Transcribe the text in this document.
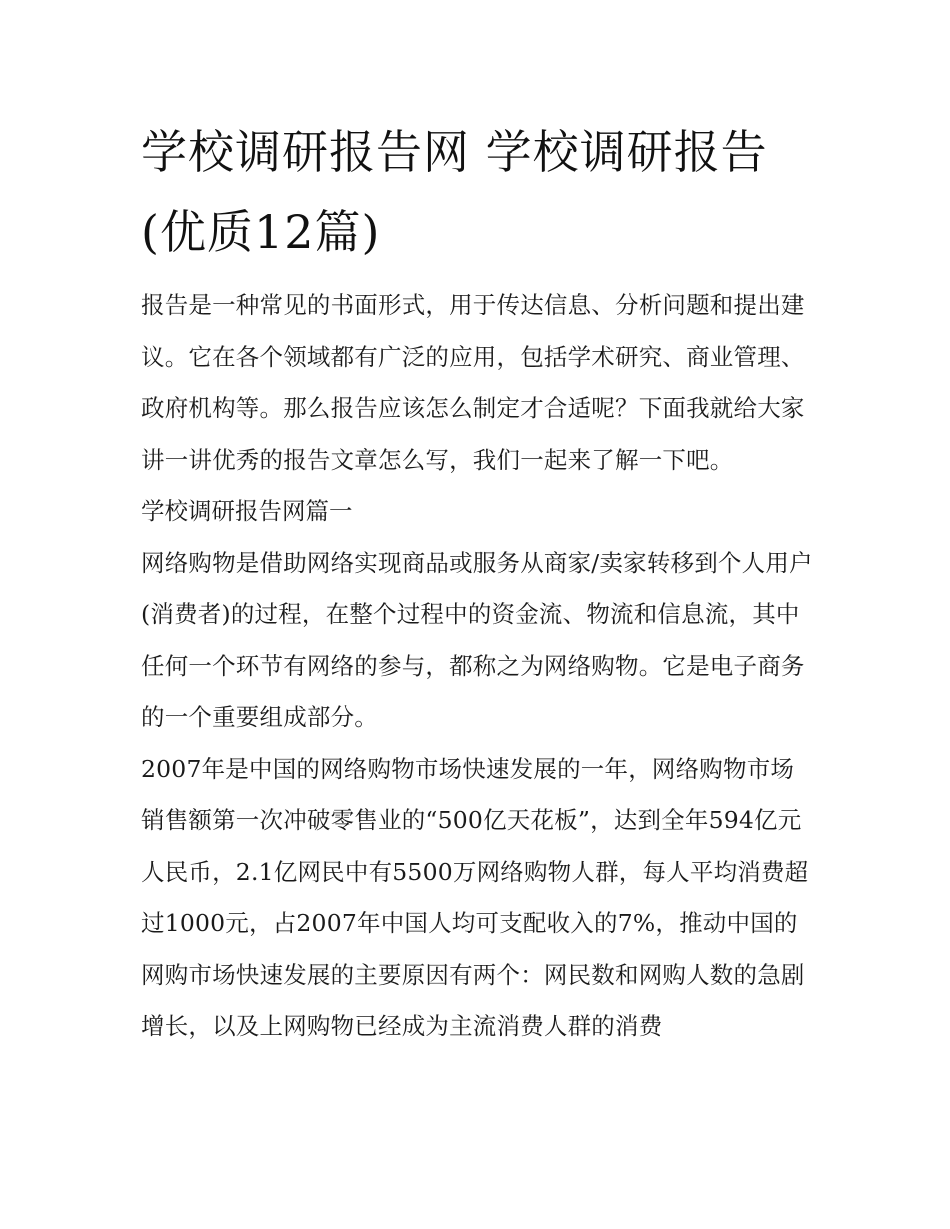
学校调研报告网 学校调研报告(优质12篇)

报告是一种常见的书面形式，用于传达信息、分析问题和提出建议。它在各个领域都有广泛的应用，包括学术研究、商业管理、政府机构等。那么报告应该怎么制定才合适呢？下面我就给大家讲一讲优秀的报告文章怎么写，我们一起来了解一下吧。

学校调研报告网篇一

网络购物是借助网络实现商品或服务从商家/卖家转移到个人用户(消费者)的过程，在整个过程中的资金流、物流和信息流，其中任何一个环节有网络的参与，都称之为网络购物。它是电子商务的一个重要组成部分。

2007年是中国的网络购物市场快速发展的一年，网络购物市场销售额第一次冲破零售业的“500亿天花板”，达到全年594亿元人民币，2.1亿网民中有5500万网络购物人群，每人平均消费超过1000元，占2007年中国人均可支配收入的7%，推动中国的网购市场快速发展的主要原因有两个：网民数和网购人数的急剧增长，以及上网购物已经成为主流消费人群的消费
